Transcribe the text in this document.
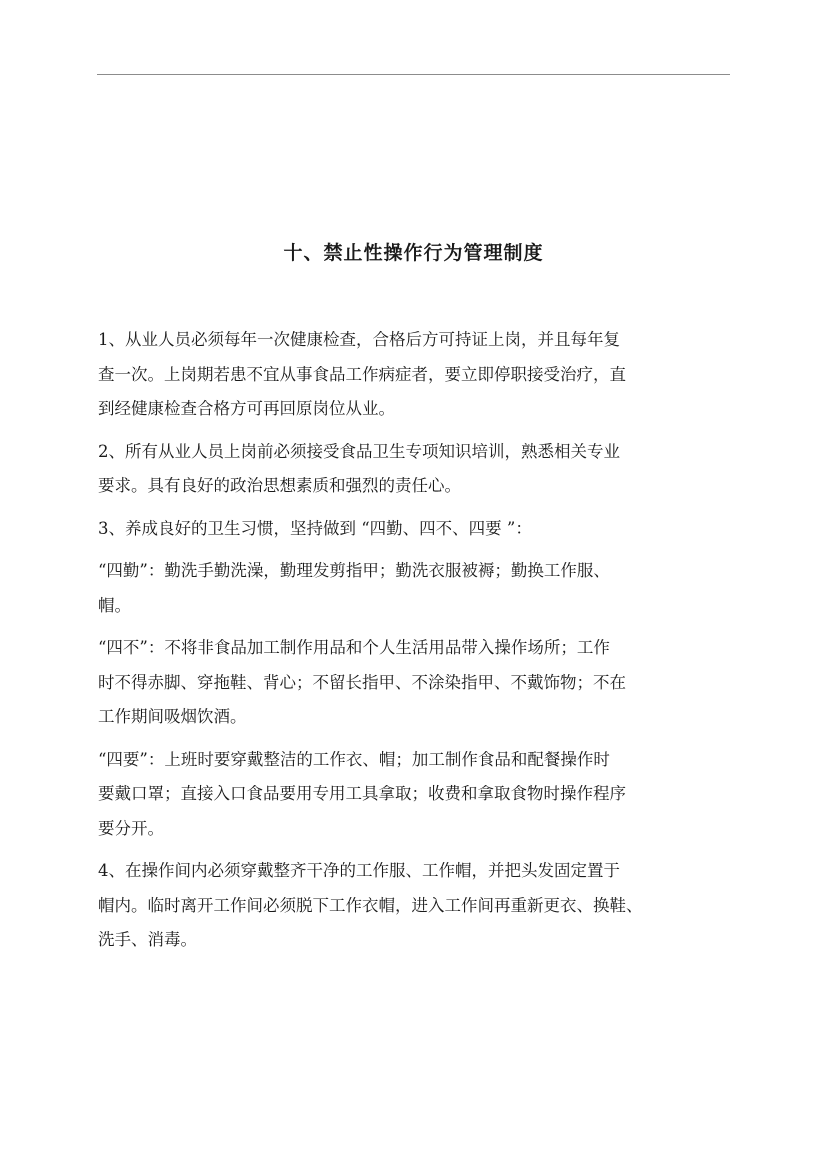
十、禁止性操作行为管理制度

1、从业人员必须每年一次健康检查，合格后方可持证上岗，并且每年复
查一次。上岗期若患不宜从事食品工作病症者，要立即停职接受治疗，直
到经健康检查合格方可再回原岗位从业。

2、所有从业人员上岗前必须接受食品卫生专项知识培训，熟悉相关专业
要求。具有良好的政治思想素质和强烈的责任心。

3、养成良好的卫生习惯，坚持做到 “四勤、四不、四要 ”：

“四勤”：勤洗手勤洗澡，勤理发剪指甲；勤洗衣服被褥；勤换工作服、
帽。

“四不”：不将非食品加工制作用品和个人生活用品带入操作场所；工作
时不得赤脚、穿拖鞋、背心；不留长指甲、不涂染指甲、不戴饰物；不在
工作期间吸烟饮酒。

“四要”：上班时要穿戴整洁的工作衣、帽；加工制作食品和配餐操作时
要戴口罩；直接入口食品要用专用工具拿取；收费和拿取食物时操作程序
要分开。

4、在操作间内必须穿戴整齐干净的工作服、工作帽，并把头发固定置于
帽内。临时离开工作间必须脱下工作衣帽，进入工作间再重新更衣、换鞋、
洗手、消毒。
